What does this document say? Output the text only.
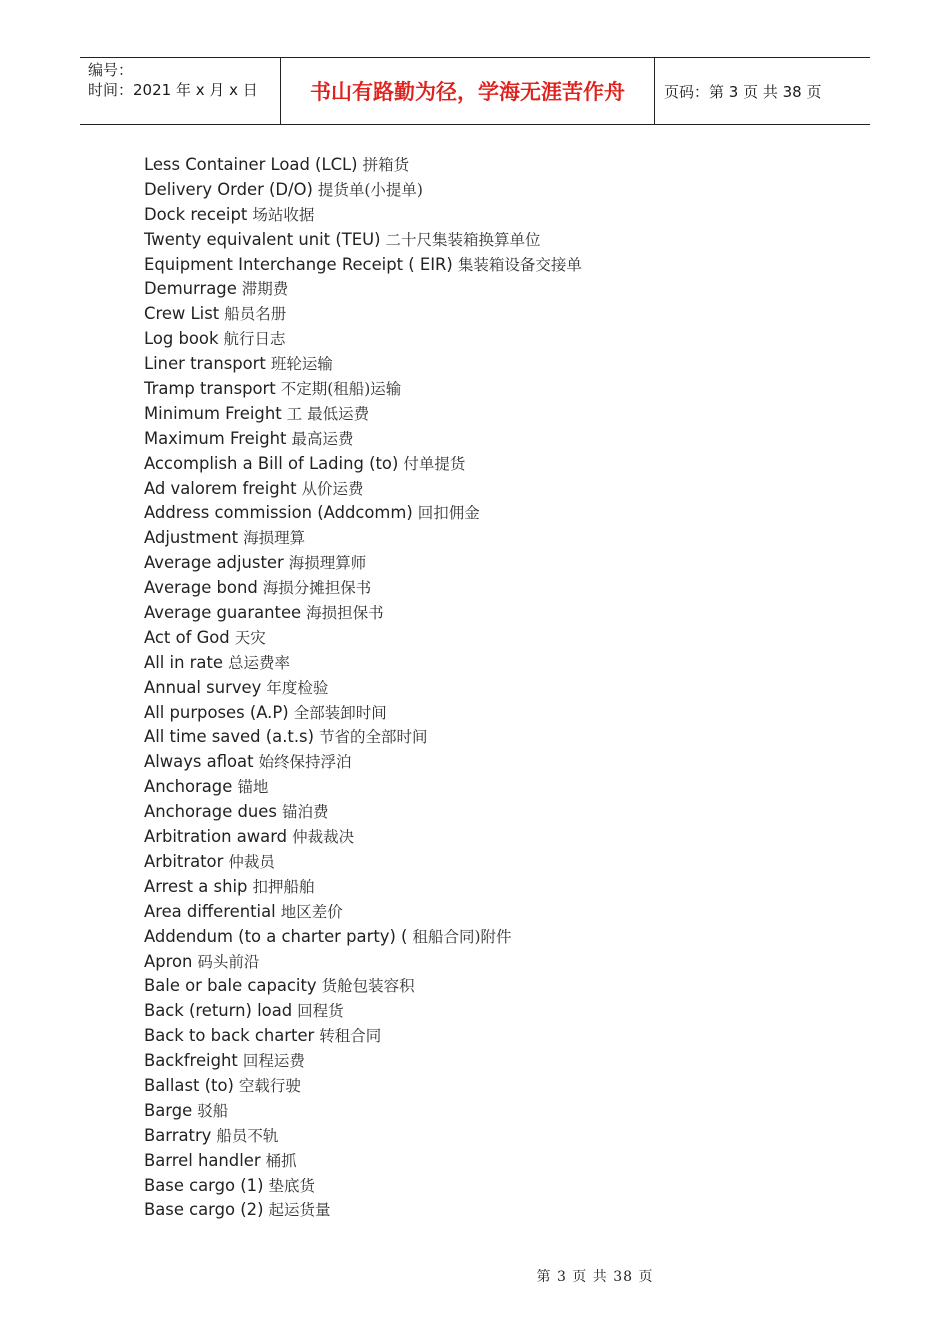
编号：
时间：2021 年 x 月 x 日	书山有路勤为径，学海无涯苦作舟	页码：第 3 页 共 38 页
Less Container Load (LCL) 拼箱货
Delivery Order (D/O) 提货单(小提单)
Dock receipt 场站收据
Twenty equivalent unit (TEU) 二十尺集装箱换算单位
Equipment Interchange Receipt ( EIR) 集装箱设备交接单
Demurrage 滞期费
Crew List 船员名册
Log book 航行日志
Liner transport 班轮运输
Tramp transport 不定期(租船)运输
Minimum Freight 工 最低运费
Maximum Freight 最高运费
Accomplish a Bill of Lading (to) 付单提货
Ad valorem freight 从价运费
Address commission (Addcomm) 回扣佣金
Adjustment 海损理算
Average adjuster 海损理算师
Average bond 海损分摊担保书
Average guarantee 海损担保书
Act of God 天灾
All in rate 总运费率
Annual survey 年度检验
All purposes (A.P) 全部装卸时间
All time saved (a.t.s) 节省的全部时间
Always afloat 始终保持浮泊
Anchorage 锚地
Anchorage dues 锚泊费
Arbitration award 仲裁裁决
Arbitrator 仲裁员
Arrest a ship 扣押船舶
Area differential 地区差价
Addendum (to a charter party) ( 租船合同)附件
Apron 码头前沿
Bale or bale capacity 货舱包装容积
Back (return) load 回程货
Back to back charter 转租合同
Backfreight 回程运费
Ballast (to) 空载行驶
Barge 驳船
Barratry 船员不轨
Barrel handler 桶抓
Base cargo (1) 垫底货
Base cargo (2) 起运货量
第 3 页 共 38 页
